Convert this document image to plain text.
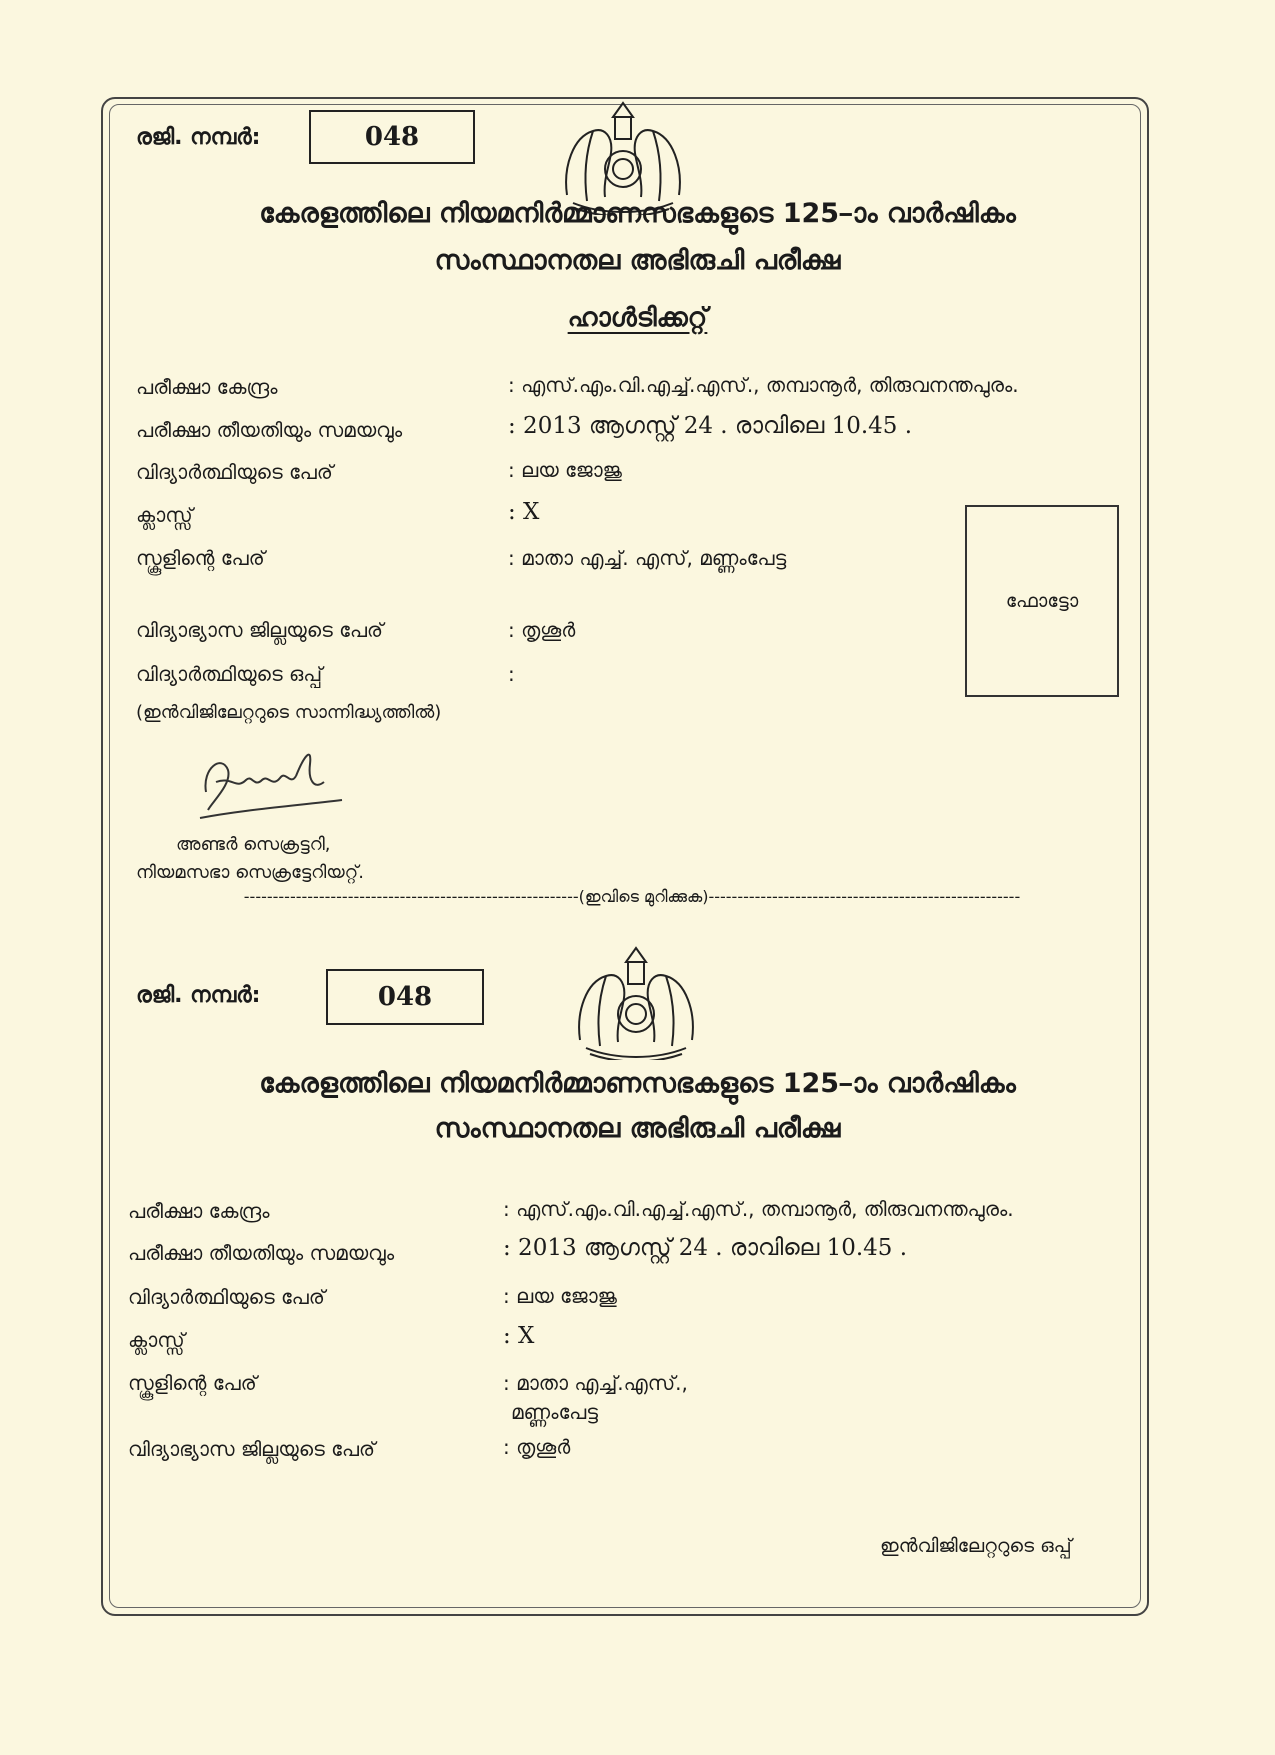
രജി. നമ്പർ:	048
കേരളത്തിലെ നിയമനിർമ്മാണസഭകളുടെ 125–ാം വാർഷികം
സംസ്ഥാനതല അഭിരുചി പരീക്ഷ
ഹാൾടിക്കറ്റ്
പരീക്ഷാ കേന്ദ്രം	: എസ്.എം.വി.എച്ച്.എസ്., തമ്പാനൂർ, തിരുവനന്തപുരം.
പരീക്ഷാ തീയതിയും സമയവും	: 2013 ആഗസ്റ്റ് 24 . രാവിലെ 10.45 .
വിദ്യാർത്ഥിയുടെ പേര്	: ലയ ജോജു
ക്ലാസ്സ്	: X
സ്കൂളിന്റെ പേര്	: മാതാ എച്ച്. എസ്, മണ്ണംപേട്ട
വിദ്യാഭ്യാസ ജില്ലയുടെ പേര്	: തൃശൂർ
വിദ്യാർത്ഥിയുടെ ഒപ്പ്	:
(ഇൻവിജിലേറ്ററുടെ സാന്നിദ്ധ്യത്തിൽ)
ഫോട്ടോ
അണ്ടർ സെക്രട്ടറി,
നിയമസഭാ സെക്രട്ടേറിയറ്റ്.
----------------------------------------------------------(ഇവിടെ മുറിക്കുക)------------------------------------------------------
രജി. നമ്പർ:	048
കേരളത്തിലെ നിയമനിർമ്മാണസഭകളുടെ 125–ാം വാർഷികം
സംസ്ഥാനതല അഭിരുചി പരീക്ഷ
പരീക്ഷാ കേന്ദ്രം	: എസ്.എം.വി.എച്ച്.എസ്., തമ്പാനൂർ, തിരുവനന്തപുരം.
പരീക്ഷാ തീയതിയും സമയവും	: 2013 ആഗസ്റ്റ് 24 . രാവിലെ 10.45 .
വിദ്യാർത്ഥിയുടെ പേര്	: ലയ ജോജു
ക്ലാസ്സ്	: X
സ്കൂളിന്റെ പേര്	: മാതാ എച്ച്.എസ്.,
മണ്ണംപേട്ട
വിദ്യാഭ്യാസ ജില്ലയുടെ പേര്	: തൃശൂർ
ഇൻവിജിലേറ്ററുടെ ഒപ്പ്
